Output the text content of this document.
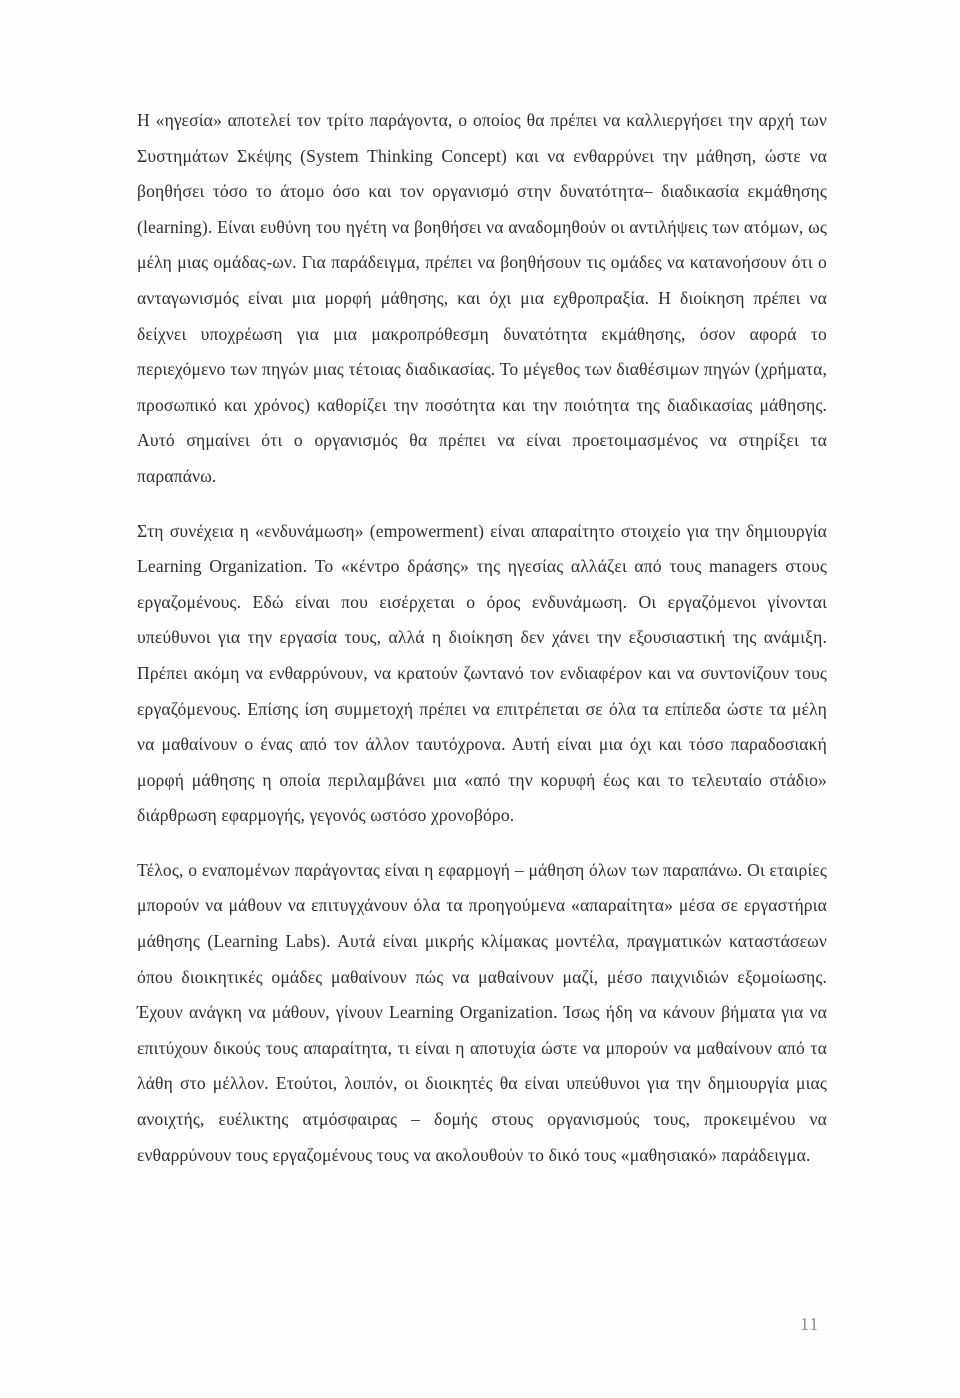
Η «ηγεσία» αποτελεί τον τρίτο παράγοντα, ο οποίος θα πρέπει να καλλιεργήσει την αρχή των Συστημάτων Σκέψης (System Thinking Concept) και να ενθαρρύνει την μάθηση, ώστε να βοηθήσει τόσο το άτομο όσο και τον οργανισμό στην δυνατότητα– διαδικασία εκμάθησης (learning). Είναι ευθύνη του ηγέτη να βοηθήσει να αναδομηθούν οι αντιλήψεις των ατόμων, ως μέλη μιας ομάδας-ων. Για παράδειγμα, πρέπει να βοηθήσουν τις ομάδες να κατανοήσουν ότι ο ανταγωνισμός είναι μια μορφή μάθησης, και όχι μια εχθροπραξία. Η διοίκηση πρέπει να δείχνει υποχρέωση για μια μακροπρόθεσμη δυνατότητα εκμάθησης, όσον αφορά το περιεχόμενο των πηγών μιας τέτοιας διαδικασίας. Το μέγεθος των διαθέσιμων πηγών (χρήματα, προσωπικό και χρόνος) καθορίζει την ποσότητα και την ποιότητα της διαδικασίας μάθησης. Αυτό σημαίνει ότι ο οργανισμός θα πρέπει να είναι προετοιμασμένος να στηρίξει τα παραπάνω.

Στη συνέχεια η «ενδυνάμωση» (empowerment) είναι απαραίτητο στοιχείο για την δημιουργία Learning Organization. Το «κέντρο δράσης» της ηγεσίας αλλάζει από τους managers στους εργαζομένους. Εδώ είναι που εισέρχεται ο όρος ενδυνάμωση. Οι εργαζόμενοι γίνονται υπεύθυνοι για την εργασία τους, αλλά η διοίκηση δεν χάνει την εξουσιαστική της ανάμιξη. Πρέπει ακόμη να ενθαρρύνουν, να κρατούν ζωντανό τον ενδιαφέρον και να συντονίζουν τους εργαζόμενους. Επίσης ίση συμμετοχή πρέπει να επιτρέπεται σε όλα τα επίπεδα ώστε τα μέλη να μαθαίνουν ο ένας από τον άλλον ταυτόχρονα. Αυτή είναι μια όχι και τόσο παραδοσιακή μορφή μάθησης η οποία περιλαμβάνει μια «από την κορυφή έως και το τελευταίο στάδιο» διάρθρωση εφαρμογής, γεγονός ωστόσο χρονοβόρο.

Τέλος, ο εναπομένων παράγοντας είναι η εφαρμογή – μάθηση όλων των παραπάνω. Οι εταιρίες μπορούν να μάθουν να επιτυγχάνουν όλα τα προηγούμενα «απαραίτητα» μέσα σε εργαστήρια μάθησης (Learning Labs). Αυτά είναι μικρής κλίμακας μοντέλα, πραγματικών καταστάσεων όπου διοικητικές ομάδες μαθαίνουν πώς να μαθαίνουν μαζί, μέσο παιχνιδιών εξομοίωσης. Έχουν ανάγκη να μάθουν, γίνουν Learning Organization. Ίσως ήδη να κάνουν βήματα για να επιτύχουν δικούς τους απαραίτητα, τι είναι η αποτυχία ώστε να μπορούν να μαθαίνουν από τα λάθη στο μέλλον. Ετούτοι, λοιπόν, οι διοικητές θα είναι υπεύθυνοι για την δημιουργία μιας ανοιχτής, ευέλικτης ατμόσφαιρας – δομής στους οργανισμούς τους, προκειμένου να ενθαρρύνουν τους εργαζομένους τους να ακολουθούν το δικό τους «μαθησιακό» παράδειγμα.

11
